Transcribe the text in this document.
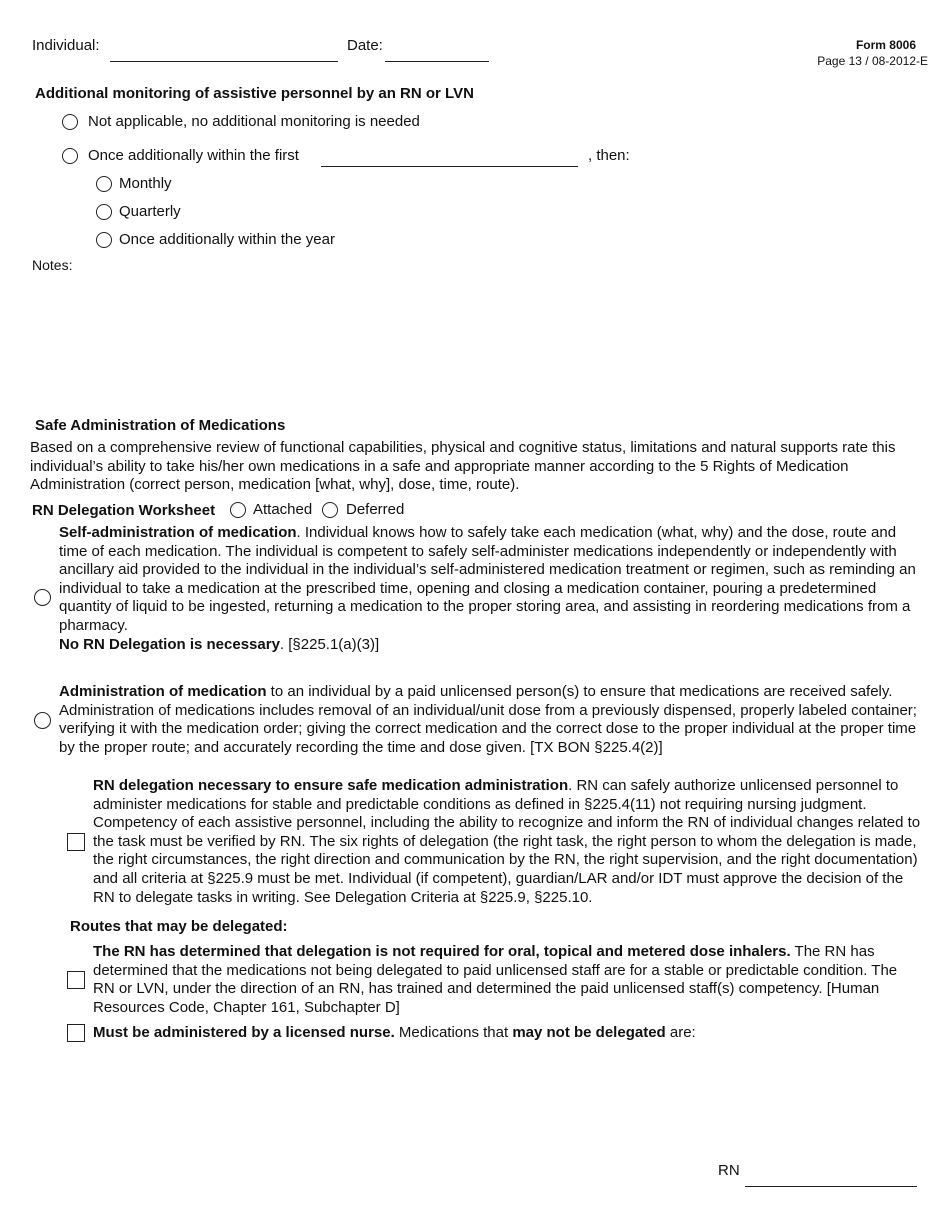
Individual:	Date:	Form 8006
Page 13 / 08-2012-E
Additional monitoring of assistive personnel by an RN or LVN
Not applicable, no additional monitoring is needed
Once additionally within the first	, then:
Monthly
Quarterly
Once additionally within the year
Notes:
Safe Administration of Medications
Based on a comprehensive review of functional capabilities, physical and cognitive status, limitations and natural supports rate this individual’s ability to take his/her own medications in a safe and appropriate manner according to the 5 Rights of Medication Administration (correct person, medication [what, why], dose, time, route).
RN Delegation Worksheet	Attached Deferred
Self-administration of medication. Individual knows how to safely take each medication (what, why) and the dose, route and time of each medication. The individual is competent to safely self-administer medications independently or independently with ancillary aid provided to the individual in the individual’s self-administered medication treatment or regimen, such as reminding an individual to take a medication at the prescribed time, opening and closing a medication container, pouring a predetermined quantity of liquid to be ingested, returning a medication to the proper storing area, and assisting in reordering medications from a pharmacy.
No RN Delegation is necessary. [§225.1(a)(3)]
Administration of medication to an individual by a paid unlicensed person(s) to ensure that medications are received safely. Administration of medications includes removal of an individual/unit dose from a previously dispensed, properly labeled container; verifying it with the medication order; giving the correct medication and the correct dose to the proper individual at the proper time by the proper route; and accurately recording the time and dose given. [TX BON §225.4(2)]
RN delegation necessary to ensure safe medication administration. RN can safely authorize unlicensed personnel to administer medications for stable and predictable conditions as defined in §225.4(11) not requiring nursing judgment. Competency of each assistive personnel, including the ability to recognize and inform the RN of individual changes related to the task must be verified by RN. The six rights of delegation (the right task, the right person to whom the delegation is made, the right circumstances, the right direction and communication by the RN, the right supervision, and the right documentation) and all criteria at §225.9 must be met. Individual (if competent), guardian/LAR and/or IDT must approve the decision of the RN to delegate tasks in writing. See Delegation Criteria at §225.9, §225.10.
Routes that may be delegated:
The RN has determined that delegation is not required for oral, topical and metered dose inhalers. The RN has determined that the medications not being delegated to paid unlicensed staff are for a stable or predictable condition. The RN or LVN, under the direction of an RN, has trained and determined the paid unlicensed staff(s) competency. [Human Resources Code, Chapter 161, Subchapter D]
Must be administered by a licensed nurse. Medications that may not be delegated are:
RN
